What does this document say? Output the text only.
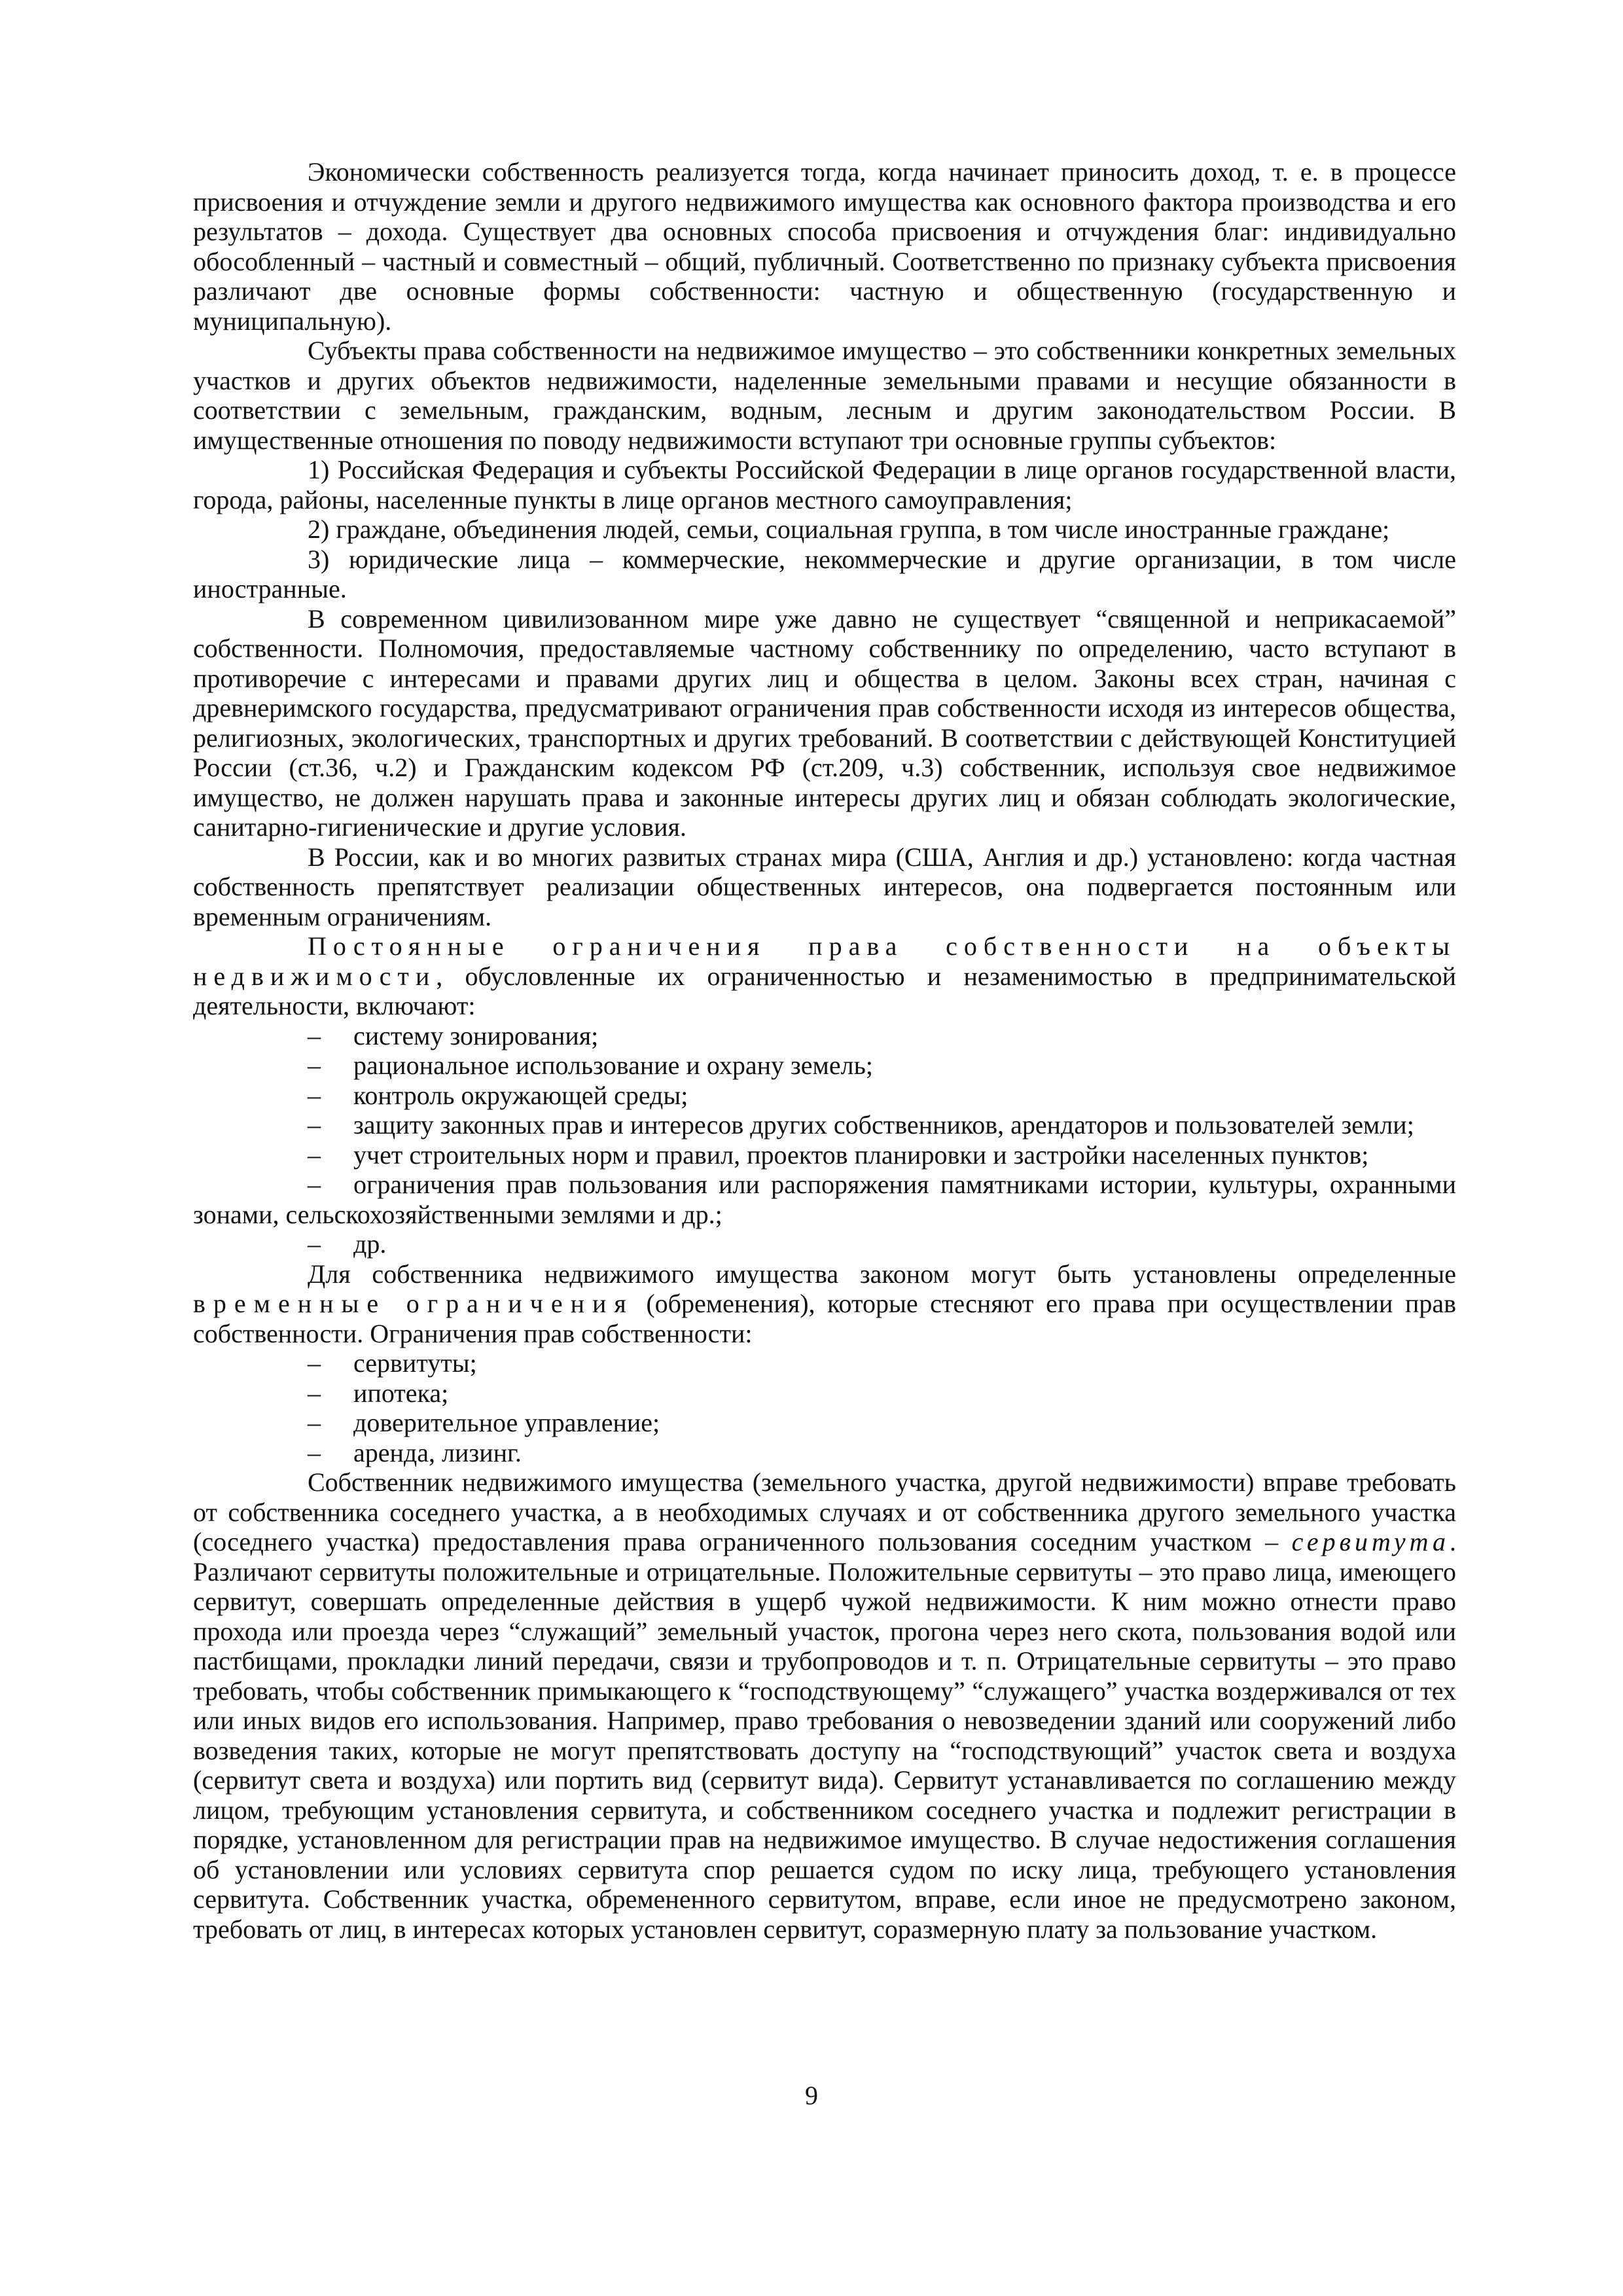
Экономически собственность реализуется тогда, когда начинает приносить доход, т. е. в процессе присвоения и отчуждение земли и другого недвижимого имущества как основного фактора производства и его результатов – дохода. Существует два основных способа присвоения и отчуждения благ: индивидуально обособленный – частный и совместный – общий, публичный. Соответственно по признаку субъекта присвоения различают две основные формы собственности: частную и общественную (государственную и муниципальную).

Субъекты права собственности на недвижимое имущество – это собственники конкретных земельных участков и других объектов недвижимости, наделенные земельными правами и несущие обязанности в соответствии с земельным, гражданским, водным, лесным и другим законодательством России. В имущественные отношения по поводу недвижимости вступают три основные группы субъектов:

1) Российская Федерация и субъекты Российской Федерации в лице органов государственной власти, города, районы, населенные пункты в лице органов местного самоуправления;

2) граждане, объединения людей, семьи, социальная группа, в том числе иностранные граждане;

3) юридические лица – коммерческие, некоммерческие и другие организации, в том числе иностранные.

В современном цивилизованном мире уже давно не существует “священной и неприкасаемой” собственности. Полномочия, предоставляемые частному собственнику по определению, часто вступают в противоречие с интересами и правами других лиц и общества в целом. Законы всех стран, начиная с древнеримского государства, предусматривают ограничения прав собственности исходя из интересов общества, религиозных, экологических, транспортных и других требований. В соответствии с действующей Конституцией России (ст.36, ч.2) и Гражданским кодексом РФ (ст.209, ч.3) собственник, используя свое недвижимое имущество, не должен нарушать права и законные интересы других лиц и обязан соблюдать экологические, санитарно-гигиенические и другие условия.

В России, как и во многих развитых странах мира (США, Англия и др.) установлено: когда частная собственность препятствует реализации общественных интересов, она подвергается постоянным или временным ограничениям.

Постоянные ограничения права собственности на объекты недвижимости, обусловленные их ограниченностью и незаменимостью в предпринимательской деятельности, включают:

– системy зонирования;

– рациональное использование и охрану земель;

– контроль окружающей среды;

– защиту законных прав и интересов других собственников, арендаторов и пользователей земли;

– учет строительных норм и правил, проектов планировки и застройки населенных пунктов;

– ограничения прав пользования или распоряжения памятниками истории, культуры, охранными зонами, сельскохозяйственными землями и др.;

– др.

Для собственника недвижимого имущества законом могут быть установлены определенные временные ограничения (обременения), которые стесняют его права при осуществлении прав собственности. Ограничения прав собственности:

– сервитуты;

– ипотека;

– доверительное управление;

– аренда, лизинг.

Собственник недвижимого имущества (земельного участка, другой недвижимости) вправе требовать от собственника соседнего участка, а в необходимых случаях и от собственника другого земельного участка (соседнего участка) предоставления права ограниченного пользования соседним участком – сервитута. Различают сервитуты положительные и отрицательные. Положительные сервитуты – это право лица, имеющего сервитут, совершать определенные действия в ущерб чужой недвижимости. К ним можно отнести право прохода или проезда через “служащий” земельный участок, прогона через него скота, пользования водой или пастбищами, прокладки линий передачи, связи и трубопроводов и т. п. Отрицательные сервитуты – это право требовать, чтобы собственник примыкающего к “господствующему” “служащего” участка воздерживался от тех или иных видов его использования. Например, право требования о невозведении зданий или сооружений либо возведения таких, которые не могут препятствовать доступу на “господствующий” участок света и воздуха (сервитут света и воздуха) или портить вид (сервитут вида). Сервитут устанавливается по соглашению между лицом, требующим установления сервитута, и собственником соседнего участка и подлежит регистрации в порядке, установленном для регистрации прав на недвижимое имущество. В случае недостижения соглашения об установлении или условиях сервитута спор решается судом по иску лица, требующего установления сервитута. Собственник участка, обремененного сервитутом, вправе, если иное не предусмотрено законом, требовать от лиц, в интересах которых установлен сервитут, соразмерную плату за пользование участком.

9
